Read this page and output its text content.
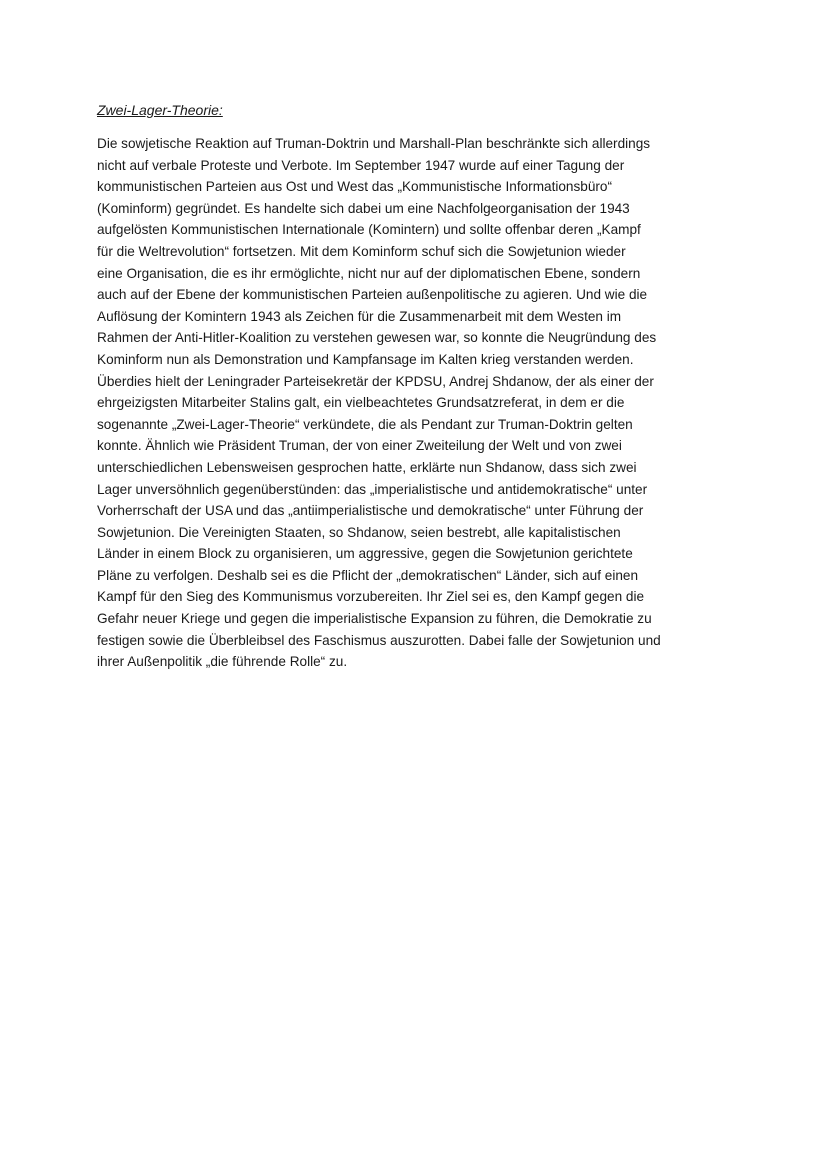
Zwei-Lager-Theorie:

Die sowjetische Reaktion auf Truman-Doktrin und Marshall-Plan beschränkte sich allerdings
nicht auf verbale Proteste und Verbote. Im September 1947 wurde auf einer Tagung der
kommunistischen Parteien aus Ost und West das „Kommunistische Informationsbüro“
(Kominform) gegründet. Es handelte sich dabei um eine Nachfolgeorganisation der 1943
aufgelösten Kommunistischen Internationale (Komintern) und sollte offenbar deren „Kampf
für die Weltrevolution“ fortsetzen. Mit dem Kominform schuf sich die Sowjetunion wieder
eine Organisation, die es ihr ermöglichte, nicht nur auf der diplomatischen Ebene, sondern
auch auf der Ebene der kommunistischen Parteien außenpolitische zu agieren. Und wie die
Auflösung der Komintern 1943 als Zeichen für die Zusammenarbeit mit dem Westen im
Rahmen der Anti-Hitler-Koalition zu verstehen gewesen war, so konnte die Neugründung des
Kominform nun als Demonstration und Kampfansage im Kalten krieg verstanden werden.
Überdies hielt der Leningrader Parteisekretär der KPDSU, Andrej Shdanow, der als einer der
ehrgeizigsten Mitarbeiter Stalins galt, ein vielbeachtetes Grundsatzreferat, in dem er die
sogenannte „Zwei-Lager-Theorie“ verkündete, die als Pendant zur Truman-Doktrin gelten
konnte. Ähnlich wie Präsident Truman, der von einer Zweiteilung der Welt und von zwei
unterschiedlichen Lebensweisen gesprochen hatte, erklärte nun Shdanow, dass sich zwei
Lager unversöhnlich gegenüberstünden: das „imperialistische und antidemokratische“ unter
Vorherrschaft der USA und das „antiimperialistische und demokratische“ unter Führung der
Sowjetunion. Die Vereinigten Staaten, so Shdanow, seien bestrebt, alle kapitalistischen
Länder in einem Block zu organisieren, um aggressive, gegen die Sowjetunion gerichtete
Pläne zu verfolgen. Deshalb sei es die Pflicht der „demokratischen“ Länder, sich auf einen
Kampf für den Sieg des Kommunismus vorzubereiten. Ihr Ziel sei es, den Kampf gegen die
Gefahr neuer Kriege und gegen die imperialistische Expansion zu führen, die Demokratie zu
festigen sowie die Überbleibsel des Faschismus auszurotten. Dabei falle der Sowjetunion und
ihrer Außenpolitik „die führende Rolle“ zu.
